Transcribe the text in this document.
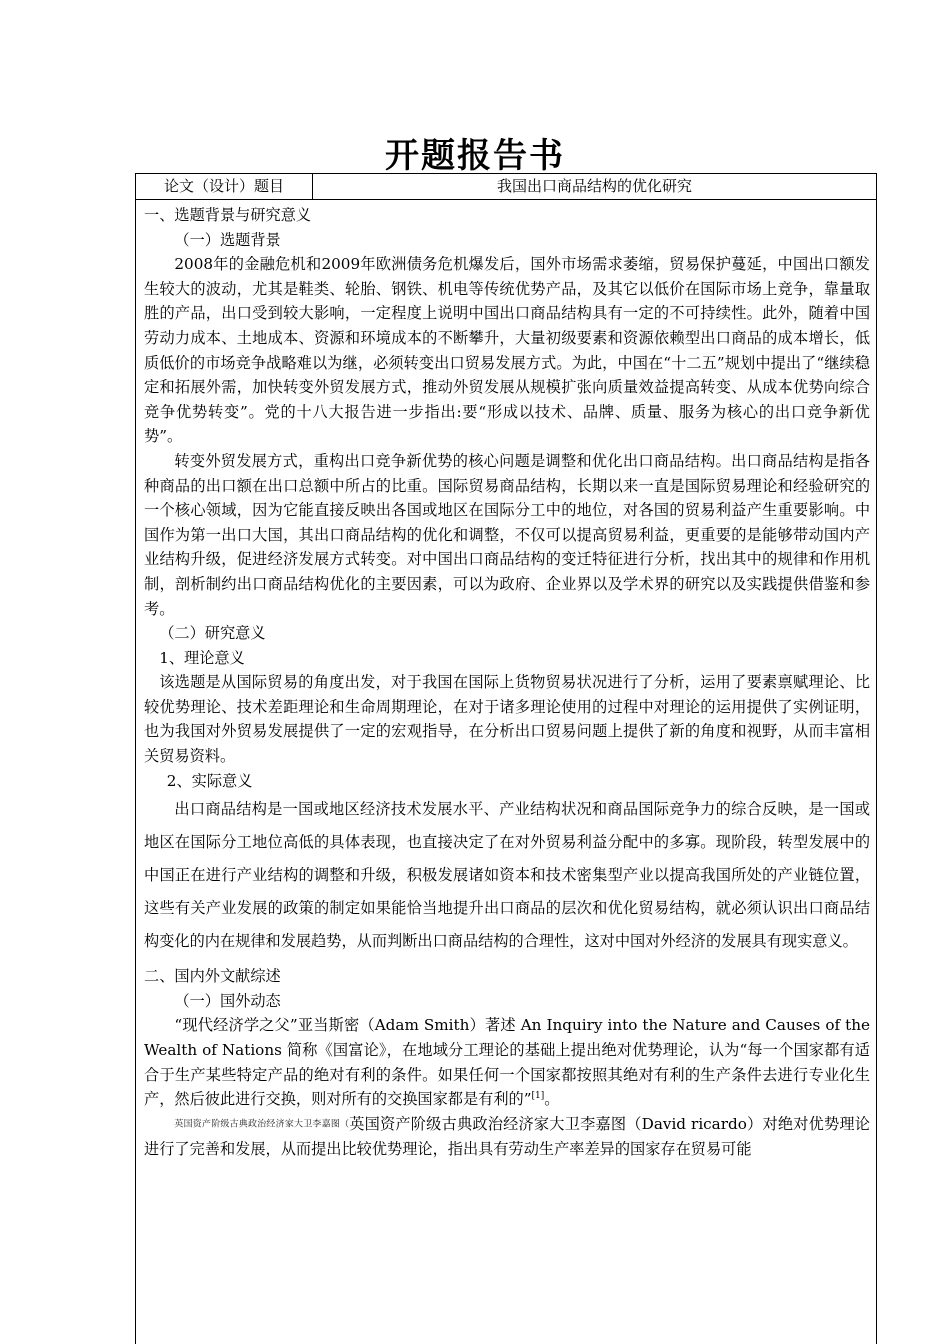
开题报告书
论文（设计）题目	我国出口商品结构的优化研究

一、选题背景与研究意义

（一）选题背景

2008年的金融危机和2009年欧洲债务危机爆发后，国外市场需求萎缩，贸易保护蔓延，中国出口额发生较大的波动，尤其是鞋类、轮胎、钢铁、机电等传统优势产品，及其它以低价在国际市场上竞争，靠量取胜的产品，出口受到较大影响，一定程度上说明中国出口商品结构具有一定的不可持续性。此外，随着中国劳动力成本、土地成本、资源和环境成本的不断攀升，大量初级要素和资源依赖型出口商品的成本增长，低质低价的市场竞争战略难以为继，必须转变出口贸易发展方式。为此，中国在“十二五”规划中提出了“继续稳定和拓展外需，加快转变外贸发展方式，推动外贸发展从规模扩张向质量效益提高转变、从成本优势向综合竞争优势转变”。党的十八大报告进一步指出:要“形成以技术、品牌、质量、服务为核心的出口竞争新优势”。

转变外贸发展方式，重构出口竞争新优势的核心问题是调整和优化出口商品结构。出口商品结构是指各种商品的出口额在出口总额中所占的比重。国际贸易商品结构，长期以来一直是国际贸易理论和经验研究的一个核心领域，因为它能直接反映出各国或地区在国际分工中的地位，对各国的贸易利益产生重要影响。中国作为第一出口大国，其出口商品结构的优化和调整，不仅可以提高贸易利益，更重要的是能够带动国内产业结构升级，促进经济发展方式转变。对中国出口商品结构的变迁特征进行分析，找出其中的规律和作用机制，剖析制约出口商品结构优化的主要因素，可以为政府、企业界以及学术界的研究以及实践提供借鉴和参考。

（二）研究意义

1、理论意义

该选题是从国际贸易的角度出发，对于我国在国际上货物贸易状况进行了分析，运用了要素禀赋理论、比较优势理论、技术差距理论和生命周期理论，在对于诸多理论使用的过程中对理论的运用提供了实例证明，也为我国对外贸易发展提供了一定的宏观指导，在分析出口贸易问题上提供了新的角度和视野，从而丰富相关贸易资料。

2、实际意义

出口商品结构是一国或地区经济技术发展水平、产业结构状况和商品国际竞争力的综合反映，是一国或地区在国际分工地位高低的具体表现，也直接决定了在对外贸易利益分配中的多寡。现阶段，转型发展中的中国正在进行产业结构的调整和升级，积极发展诸如资本和技术密集型产业以提高我国所处的产业链位置，这些有关产业发展的政策的制定如果能恰当地提升出口商品的层次和优化贸易结构，就必须认识出口商品结构变化的内在规律和发展趋势，从而判断出口商品结构的合理性，这对中国对外经济的发展具有现实意义。

二、国内外文献综述

（一）国外动态

“现代经济学之父”亚当斯密（Adam Smith）著述 An Inquiry into the Nature and Causes of the Wealth of Nations 简称《国富论》，在地域分工理论的基础上提出绝对优势理论，认为“每一个国家都有适合于生产某些特定产品的绝对有利的条件。如果任何一个国家都按照其绝对有利的生产条件去进行专业化生产，然后彼此进行交换，则对所有的交换国家都是有利的”[1]。

英国资产阶级古典政治经济家大卫李嘉图（英国资产阶级古典政治经济家大卫李嘉图（David ricardo）对绝对优势理论进行了完善和发展，从而提出比较优势理论，指出具有劳动生产率差异的国家存在贸易可能
